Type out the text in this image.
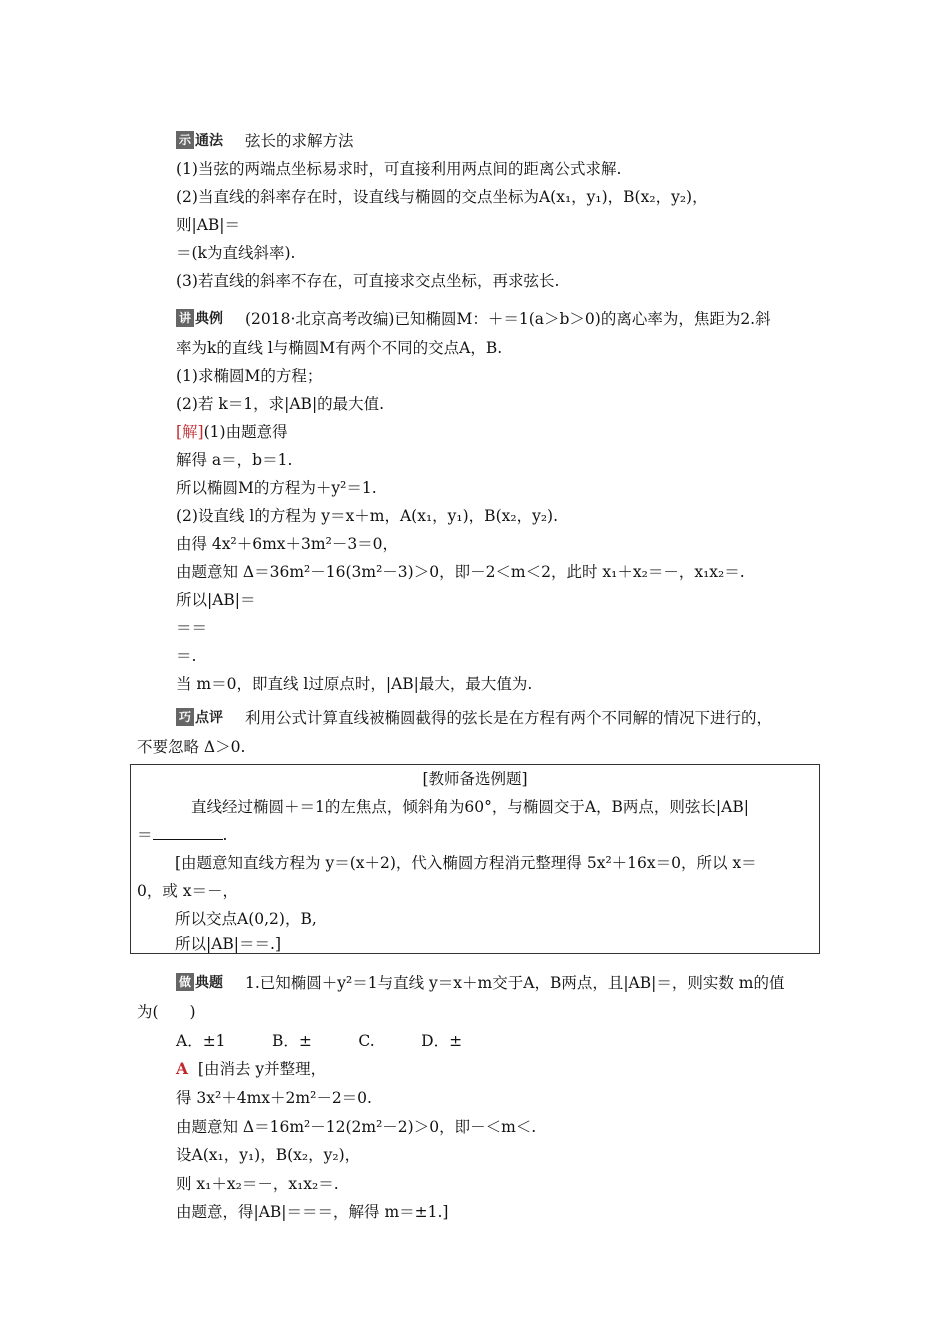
示 通法 弦长的求解方法
(1)当弦的两端点坐标易求时，可直接利用两点间的距离公式求解.
(2)当直线的斜率存在时，设直线与椭圆的交点坐标为A(x₁，y₁)，B(x₂，y₂)，
则|AB|＝
＝(k为直线斜率).
(3)若直线的斜率不存在，可直接求交点坐标，再求弦长.
讲 典例 (2018·北京高考改编)已知椭圆M：＋＝1(a＞b＞0)的离心率为，焦距为2.斜
率为k的直线 l与椭圆M有两个不同的交点A，B.
(1)求椭圆M的方程；
(2)若 k＝1，求|AB|的最大值.
[解](1)由题意得
解得 a＝，b＝1.
所以椭圆M的方程为＋y²＝1.
(2)设直线 l的方程为 y＝x＋m，A(x₁，y₁)，B(x₂，y₂).
由得 4x²＋6mx＋3m²－3＝0，
由题意知 Δ＝36m²－16(3m²－3)＞0，即－2＜m＜2，此时 x₁＋x₂＝－，x₁x₂＝.
所以|AB|＝
＝＝
＝.
当 m＝0，即直线 l过原点时，|AB|最大，最大值为.
巧 点评 利用公式计算直线被椭圆截得的弦长是在方程有两个不同解的情况下进行的，
不要忽略 Δ＞0.
[教师备选例题]
直线经过椭圆＋＝1的左焦点，倾斜角为60°，与椭圆交于A，B两点，则弦长|AB|
＝	.
[由题意知直线方程为 y＝(x＋2)，代入椭圆方程消元整理得 5x²＋16x＝0，所以 x＝
0，或 x＝－，
所以交点A(0,2)，B,
所以|AB|＝＝.]
做 典题 1.已知椭圆＋y²＝1与直线 y＝x＋m交于A，B两点，且|AB|＝，则实数 m的值
为(　　)
A．±1　　　B．±　　　C.　　　D．±
A [由消去 y并整理，
得 3x²＋4mx＋2m²－2＝0.
由题意知 Δ＝16m²－12(2m²－2)＞0，即－＜m＜.
设A(x₁，y₁)，B(x₂，y₂)，
则 x₁＋x₂＝－，x₁x₂＝.
由题意，得|AB|＝＝＝，解得 m＝±1.]
